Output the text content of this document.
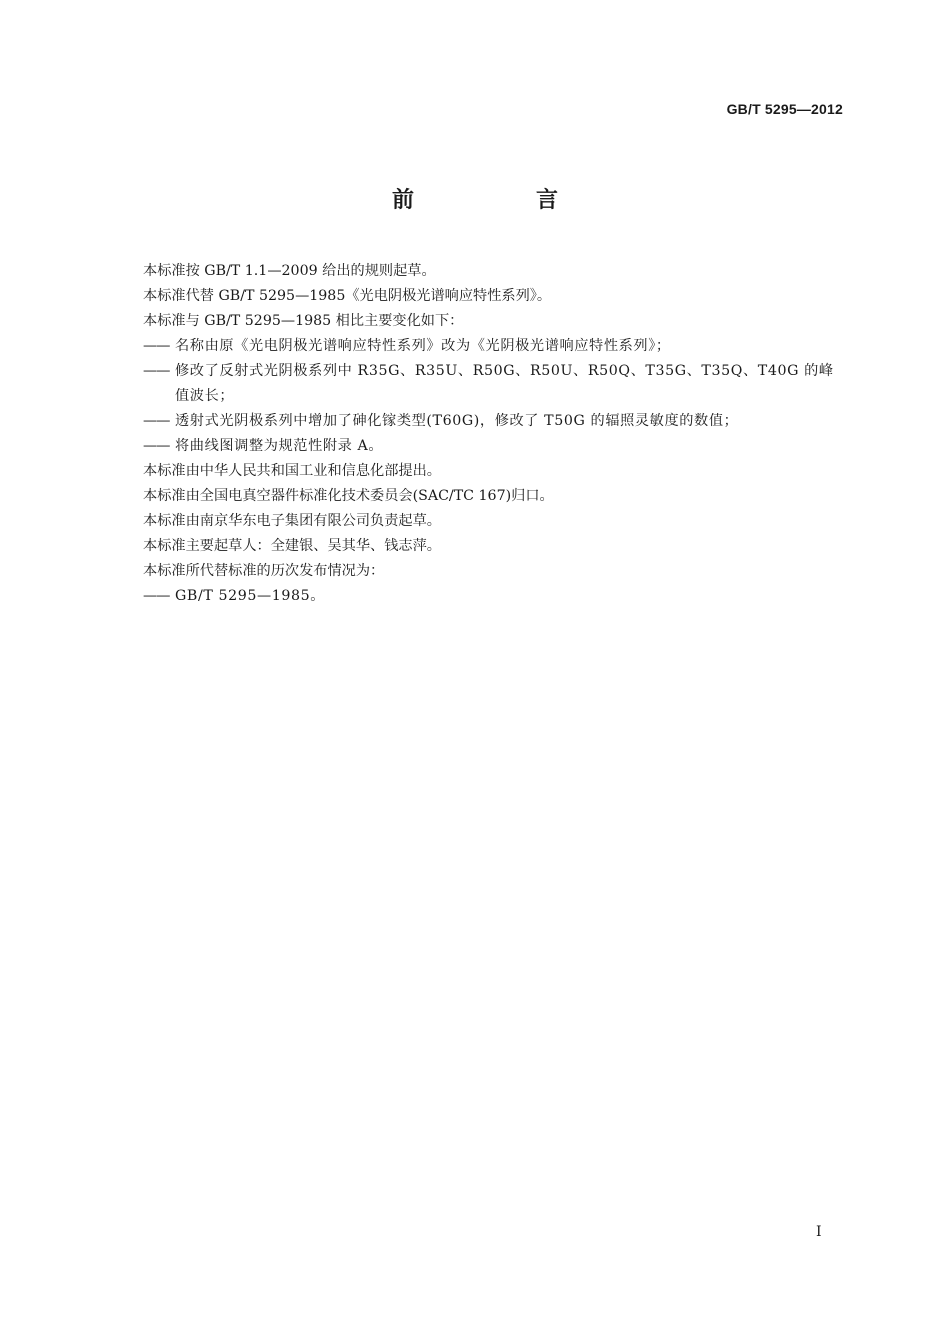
GB/T 5295—2012
前　言
本标准按 GB/T 1.1—2009 给出的规则起草。
本标准代替 GB/T 5295—1985《光电阴极光谱响应特性系列》。
本标准与 GB/T 5295—1985 相比主要变化如下：
—— 名称由原《光电阴极光谱响应特性系列》改为《光阴极光谱响应特性系列》；
—— 修改了反射式光阴极系列中 R35G、R35U、R50G、R50U、R50Q、T35G、T35Q、T40G 的峰值波长；
—— 透射式光阴极系列中增加了砷化镓类型(T60G)，修改了 T50G 的辐照灵敏度的数值；
—— 将曲线图调整为规范性附录 A。
本标准由中华人民共和国工业和信息化部提出。
本标准由全国电真空器件标准化技术委员会(SAC/TC 167)归口。
本标准由南京华东电子集团有限公司负责起草。
本标准主要起草人：全建银、吴其华、钱志萍。
本标准所代替标准的历次发布情况为：
—— GB/T 5295—1985。
I
